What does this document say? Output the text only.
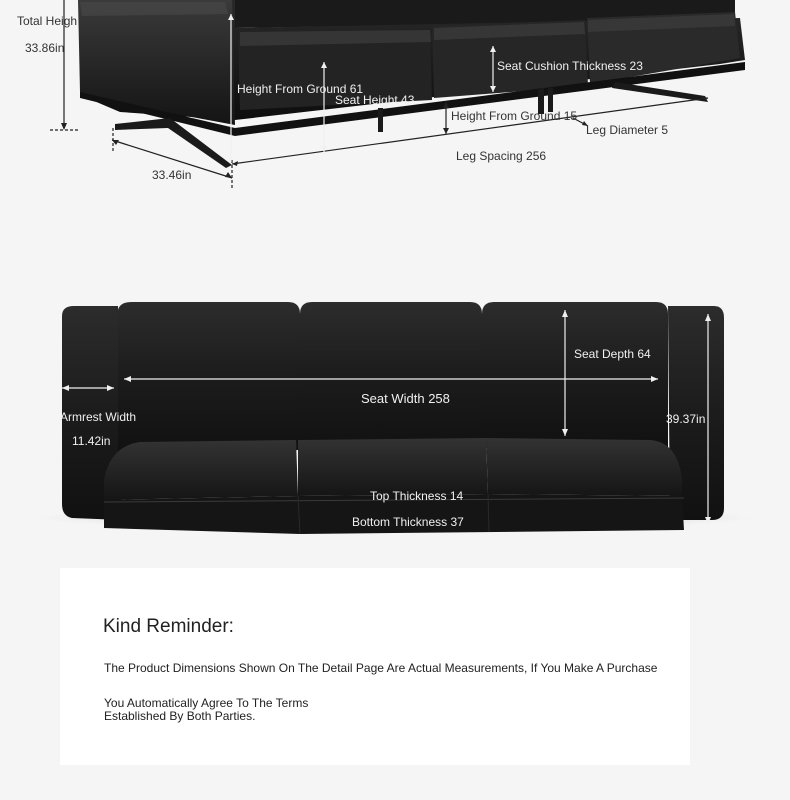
Total Heigh
33.86in
Height From Ground 61
Seat Height 43
Seat Cushion Thickness 23
Height From Ground 15
Leg Diameter 5
Leg Spacing 256
33.46in
Seat Depth 64
Seat Width 258
Armrest Width
11.42in
39.37in
Top Thickness 14
Bottom Thickness 37
Kind Reminder:
The Product Dimensions Shown On The Detail Page Are Actual Measurements, If You Make A Purchase
You Automatically Agree To The Terms
Established By Both Parties.
